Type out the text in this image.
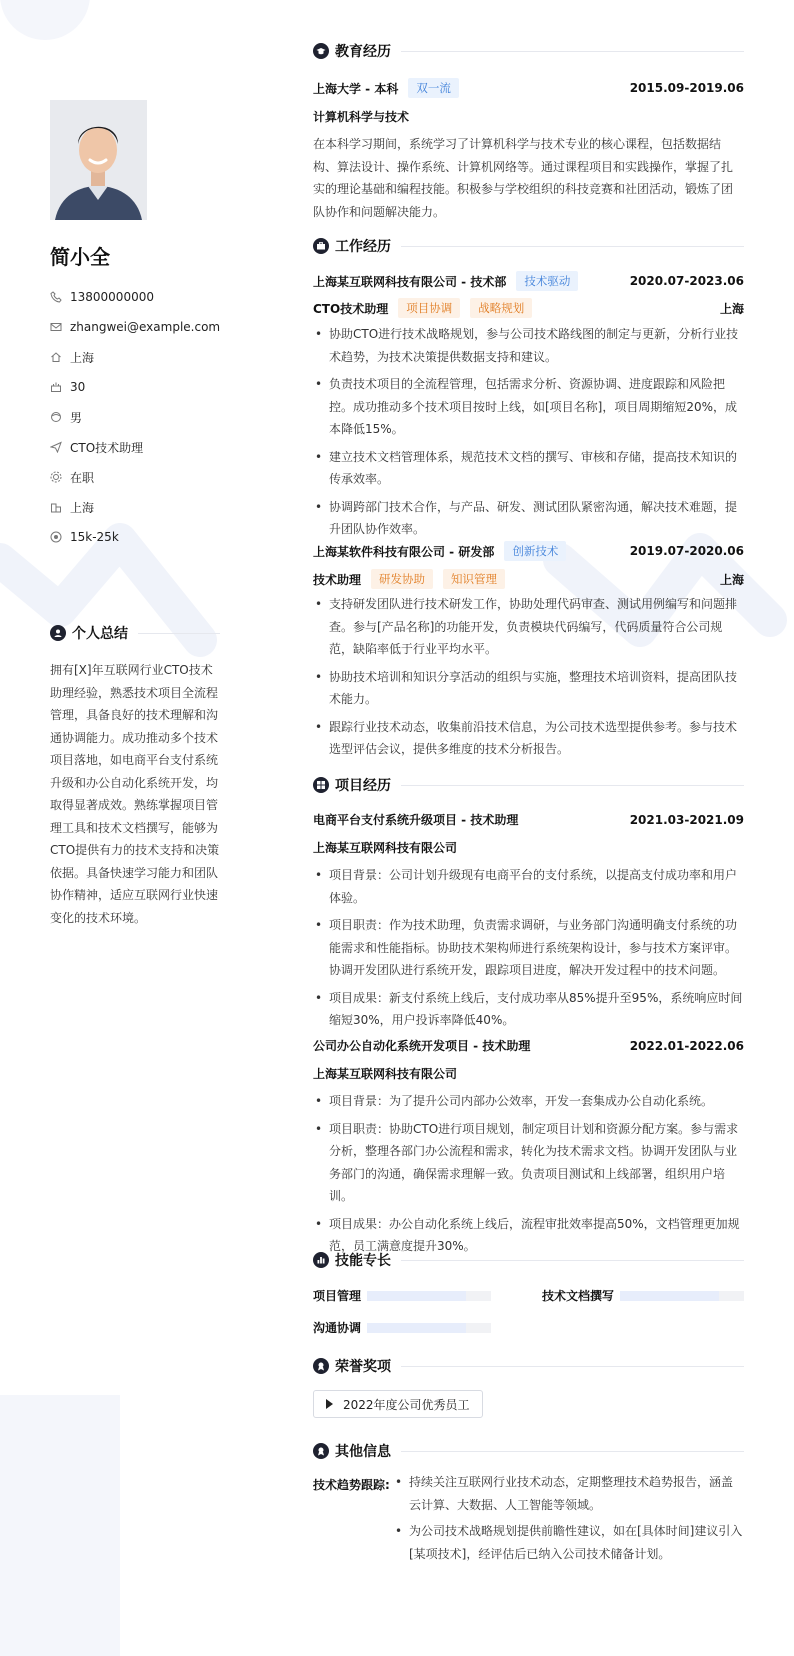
简小全
13800000000
zhangwei@example.com
上海
30
男
CTO技术助理
在职
上海
15k-25k
个人总结
拥有[X]年互联网行业CTO技术助理经验，熟悉技术项目全流程管理，具备良好的技术理解和沟通协调能力。成功推动多个技术项目落地，如电商平台支付系统升级和办公自动化系统开发，均取得显著成效。熟练掌握项目管理工具和技术文档撰写，能够为CTO提供有力的技术支持和决策依据。具备快速学习能力和团队协作精神，适应互联网行业快速变化的技术环境。
教育经历
上海大学 - 本科	双一流	2015.09-2019.06
计算机科学与技术
在本科学习期间，系统学习了计算机科学与技术专业的核心课程，包括数据结构、算法设计、操作系统、计算机网络等。通过课程项目和实践操作，掌握了扎实的理论基础和编程技能。积极参与学校组织的科技竞赛和社团活动，锻炼了团队协作和问题解决能力。
工作经历
上海某互联网科技有限公司 - 技术部	技术驱动	2020.07-2023.06
CTO技术助理	项目协调	战略规划	上海
• 协助CTO进行技术战略规划，参与公司技术路线图的制定与更新，分析行业技术趋势，为技术决策提供数据支持和建议。
• 负责技术项目的全流程管理，包括需求分析、资源协调、进度跟踪和风险把控。成功推动多个技术项目按时上线，如[项目名称]，项目周期缩短20%，成本降低15%。
• 建立技术文档管理体系，规范技术文档的撰写、审核和存储，提高技术知识的传承效率。
• 协调跨部门技术合作，与产品、研发、测试团队紧密沟通，解决技术难题，提升团队协作效率。
上海某软件科技有限公司 - 研发部	创新技术	2019.07-2020.06
技术助理	研发协助	知识管理	上海
• 支持研发团队进行技术研发工作，协助处理代码审查、测试用例编写和问题排查。参与[产品名称]的功能开发，负责模块代码编写，代码质量符合公司规范，缺陷率低于行业平均水平。
• 协助技术培训和知识分享活动的组织与实施，整理技术培训资料，提高团队技术能力。
• 跟踪行业技术动态，收集前沿技术信息，为公司技术选型提供参考。参与技术选型评估会议，提供多维度的技术分析报告。
项目经历
电商平台支付系统升级项目 - 技术助理	2021.03-2021.09
上海某互联网科技有限公司
• 项目背景：公司计划升级现有电商平台的支付系统，以提高支付成功率和用户体验。
• 项目职责：作为技术助理，负责需求调研，与业务部门沟通明确支付系统的功能需求和性能指标。协助技术架构师进行系统架构设计，参与技术方案评审。协调开发团队进行系统开发，跟踪项目进度，解决开发过程中的技术问题。
• 项目成果：新支付系统上线后，支付成功率从85%提升至95%，系统响应时间缩短30%，用户投诉率降低40%。
公司办公自动化系统开发项目 - 技术助理	2022.01-2022.06
上海某互联网科技有限公司
• 项目背景：为了提升公司内部办公效率，开发一套集成办公自动化系统。
• 项目职责：协助CTO进行项目规划，制定项目计划和资源分配方案。参与需求分析，整理各部门办公流程和需求，转化为技术需求文档。协调开发团队与业务部门的沟通，确保需求理解一致。负责项目测试和上线部署，组织用户培训。
• 项目成果：办公自动化系统上线后，流程审批效率提高50%，文档管理更加规范，员工满意度提升30%。
技能专长
项目管理	技术文档撰写
沟通协调
荣誉奖项
2022年度公司优秀员工
其他信息
技术趋势跟踪:
•	持续关注互联网行业技术动态，定期整理技术趋势报告，涵盖云计算、大数据、人工智能等领域。
• 为公司技术战略规划提供前瞻性建议，如在[具体时间]建议引入[某项技术]，经评估后已纳入公司技术储备计划。
